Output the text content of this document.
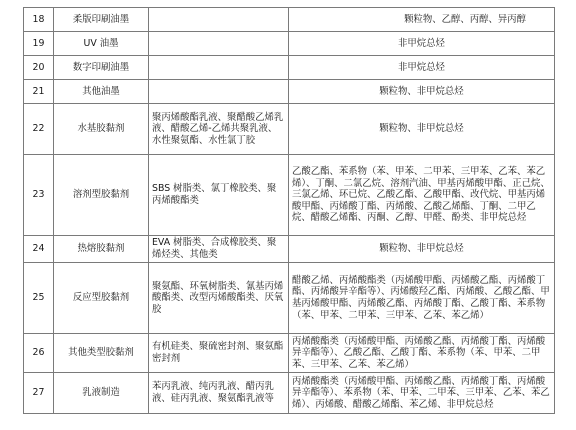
18	柔版印刷油墨		颗粒物、乙醇、丙醇、异丙醇
19	UV 油墨		非甲烷总烃
20	数字印刷油墨		非甲烷总烃
21	其他油墨		颗粒物、非甲烷总烃
22	水基胶黏剂	聚丙烯酸酯乳液、聚醋酸乙烯乳液、醋酸乙烯-乙烯共聚乳液、水性聚氨酯、水性氯丁胶	颗粒物、非甲烷总烃
23	溶剂型胶黏剂	SBS 树脂类、氯丁橡胶类、聚丙烯酸酯类	乙酸乙酯、苯系物（苯、甲苯、二甲苯、三甲苯、乙苯、苯乙烯）、丁酮、二氯乙烷、溶剂汽油、甲基丙烯酸甲酯、正己烷、三氯乙烯、环已烷、乙酸乙酯、乙酸甲酯、改代烷、甲基丙烯酸甲酯、丙烯酸丁酯、丙烯酸、乙酸乙烯酯、丁酮、二甲乙烷、醋酸乙烯酯、丙酮、乙醇、甲醛、酚类、非甲烷总烃
24	热熔胶黏剂	EVA 树脂类、合成橡胶类、聚烯烃类、其他类	颗粒物、非甲烷总烃
25	反应型胶黏剂	聚氨酯、环氧树脂类、氰基丙烯酸酯类、改型丙烯酸酯类、厌氧胶	醋酸乙烯、丙烯酸酯类（丙烯酸甲酯、丙烯酸乙酯、丙烯酸丁酯、丙烯酸异辛酯等）、丙烯酸羟乙酯、丙烯酸、乙酸乙酯、甲基丙烯酸甲酯、丙烯酸乙酯、丙烯酸丁酯、乙酸丁酯、苯系物（苯、甲苯、二甲苯、三甲苯、乙苯、苯乙烯）
26	其他类型胶黏剂	有机硅类、聚硫密封剂、聚氨酯密封剂	丙烯酸酯类（丙烯酸甲酯、丙烯酸乙酯、丙烯酸丁酯、丙烯酸异辛酯等）、乙酸乙酯、乙酸丁酯、苯系物（苯、甲苯、二甲苯、三甲苯、乙苯、苯乙烯）
27	乳液制造	苯丙乳液、纯丙乳液、醋丙乳液、硅丙乳液、聚氨酯乳液等	丙烯酸酯类（丙烯酸甲酯、丙烯酸乙酯、丙烯酸丁酯、丙烯酸异辛酯等）、苯系物（苯、甲苯、二甲苯、三甲苯、乙苯、苯乙烯）、丙烯酸、醋酸乙烯酯、苯乙烯、非甲烷总烃
